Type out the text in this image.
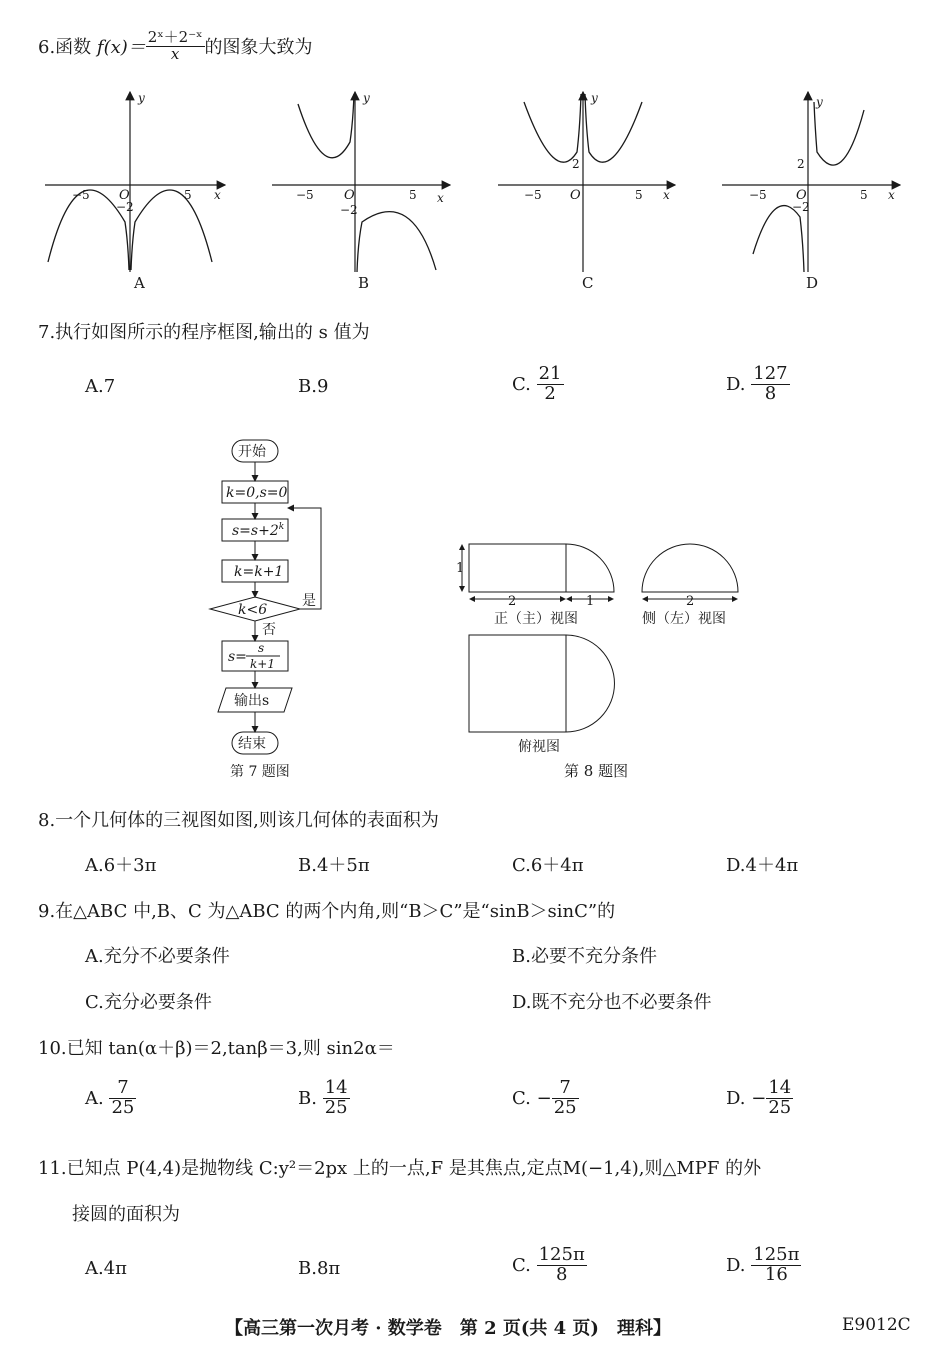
6.函数
$f(x)= \frac{\text{2ˣ＋2⁻ˣ}}{x}$ 的图象大致为
−5	5
O	x
y
−2
A
−5	5
O	x
y
−2
B
−5	5
O	x
y
2
C
−5	5
O	x
y
2
−2
D
7.执行如图所示的程序框图,输出的 s 值为
A.7	B.9	C.
$\frac{21}{2}$	D.
$\frac{127}{8}$
开始
k=0,s=0
$s=s+2^k$
k=k+1
k<6
是
否
s=
s
k+1
输出s
结束
第 7 题图
1
2	1
正（主）视图
2
侧（左）视图
俯视图
第 8 题图
8.一个几何体的三视图如图,则该几何体的表面积为
A.6＋3π	B.4＋5π	C.6＋4π	D.4＋4π
9.在△ABC 中,B、C 为△ABC 的两个内角,则“B＞C”是“sinB＞sinC”的
A.充分不必要条件	B.必要不充分条件
C.充分必要条件	D.既不充分也不必要条件
10.已知 tan(α＋β)＝2,tanβ＝3,则 sin2α＝
A.
$\frac{7}{25}$	B.
$\frac{14}{25}$	C.
− $\frac{7}{25}$	D.
− $\frac{14}{25}$
11.已知点 P(4,4)是抛物线 C:y²＝2px 上的一点,F 是其焦点,定点M(−1,4),则△MPF 的外
接圆的面积为
A.4π	B.8π	C.
$\frac{125\pi}{8}$	D.
$\frac{125\pi}{16}$
【高三第一次月考 · 数学卷　第 2 页(共 4 页)　理科】	E9012C
